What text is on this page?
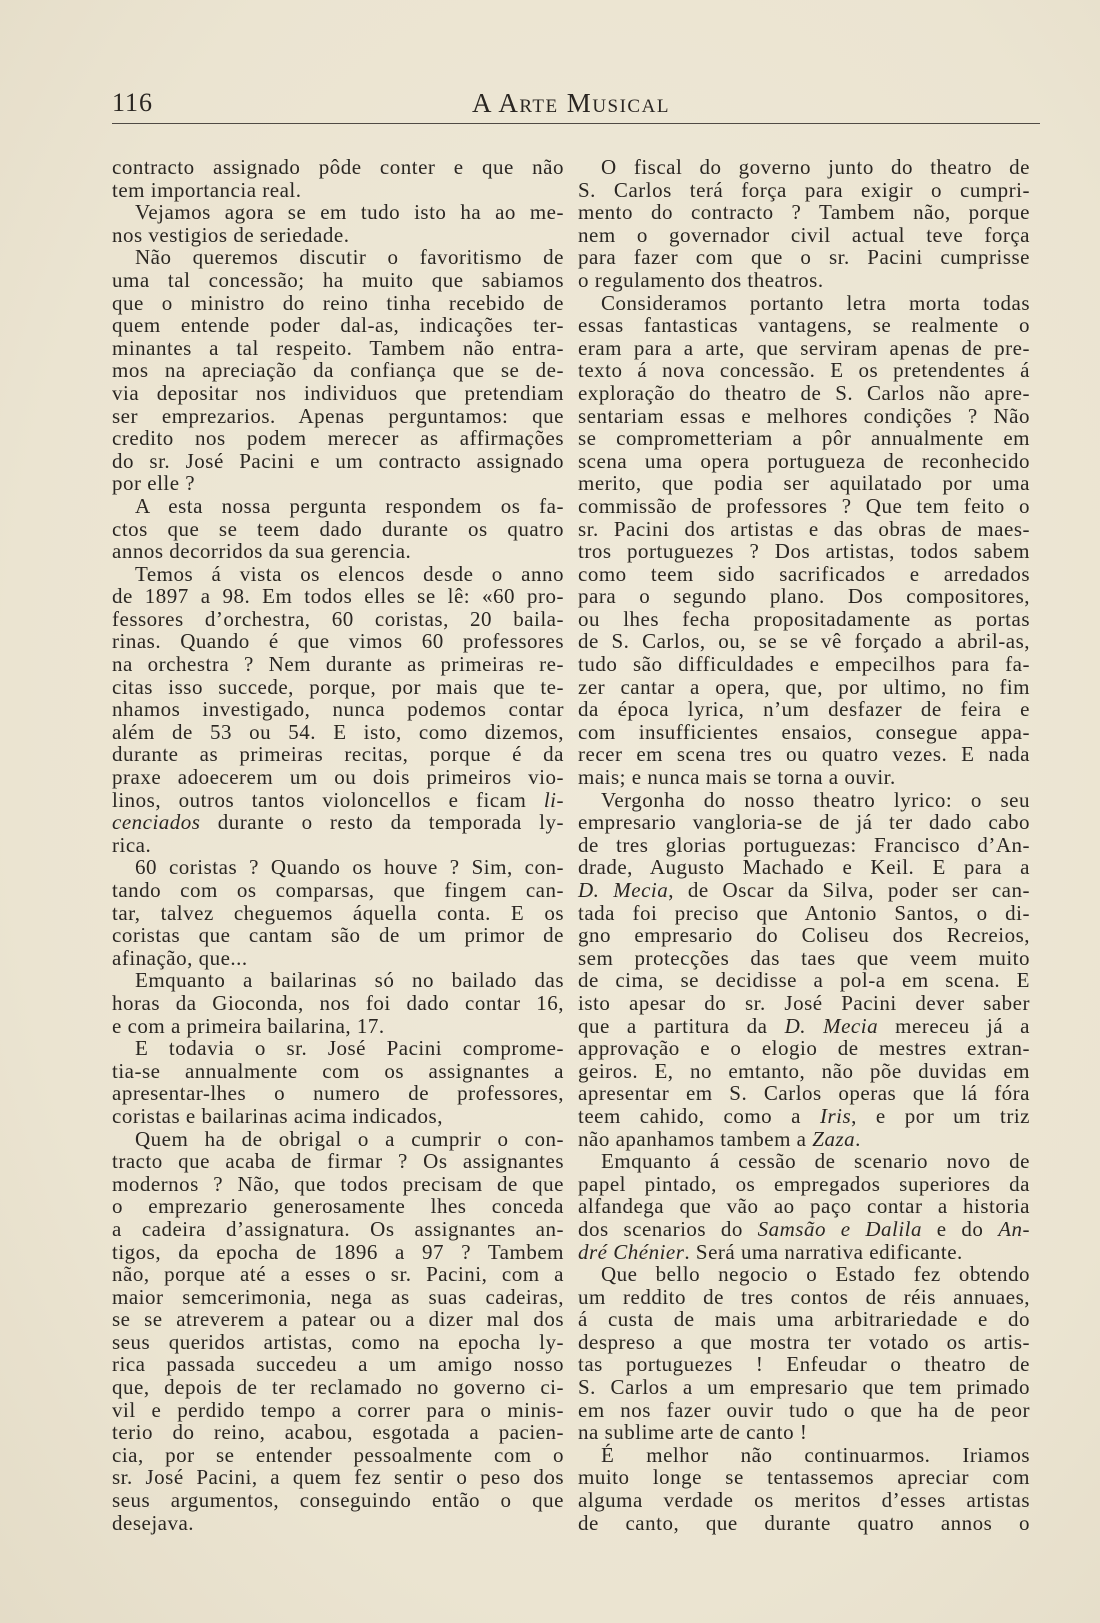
116	A Arte Musical
contracto assignado pôde conter e que não
tem importancia real.
Vejamos agora se em tudo isto ha ao me-
nos vestigios de seriedade.
Não queremos discutir o favoritismo de
uma tal concessão; ha muito que sabiamos
que o ministro do reino tinha recebido de
quem entende poder dal-as, indicações ter-
minantes a tal respeito. Tambem não entra-
mos na apreciação da confiança que se de-
via depositar nos individuos que pretendiam
ser emprezarios. Apenas perguntamos: que
credito nos podem merecer as affirmações
do sr. José Pacini e um contracto assignado
por elle ?
A esta nossa pergunta respondem os fa-
ctos que se teem dado durante os quatro
annos decorridos da sua gerencia.
Temos á vista os elencos desde o anno
de 1897 a 98. Em todos elles se lê: «60 pro-
fessores d’orchestra, 60 coristas, 20 baila-
rinas. Quando é que vimos 60 professores
na orchestra ? Nem durante as primeiras re-
citas isso succede, porque, por mais que te-
nhamos investigado, nunca podemos contar
além de 53 ou 54. E isto, como dizemos,
durante as primeiras recitas, porque é da
praxe adoecerem um ou dois primeiros vio-
linos, outros tantos violoncellos e ficam li-
cenciados durante o resto da temporada ly-
rica.
60 coristas ? Quando os houve ? Sim, con-
tando com os comparsas, que fingem can-
tar, talvez cheguemos áquella conta. E os
coristas que cantam são de um primor de
afinação, que...
Emquanto a bailarinas só no bailado das
horas da Gioconda, nos foi dado contar 16,
e com a primeira bailarina, 17.
E todavia o sr. José Pacini comprome-
tia-se annualmente com os assignantes a
apresentar-lhes o numero de professores,
coristas e bailarinas acima indicados,
Quem ha de obrigal o a cumprir o con-
tracto que acaba de firmar ? Os assignantes
modernos ? Não, que todos precisam de que
o emprezario generosamente lhes conceda
a cadeira d’assignatura. Os assignantes an-
tigos, da epocha de 1896 a 97 ? Tambem
não, porque até a esses o sr. Pacini, com a
maior semcerimonia, nega as suas cadeiras,
se se atreverem a patear ou a dizer mal dos
seus queridos artistas, como na epocha ly-
rica passada succedeu a um amigo nosso
que, depois de ter reclamado no governo ci-
vil e perdido tempo a correr para o minis-
terio do reino, acabou, esgotada a pacien-
cia, por se entender pessoalmente com o
sr. José Pacini, a quem fez sentir o peso dos
seus argumentos, conseguindo então o que
desejava.
O fiscal do governo junto do theatro de
S. Carlos terá força para exigir o cumpri-
mento do contracto ? Tambem não, porque
nem o governador civil actual teve força
para fazer com que o sr. Pacini cumprisse
o regulamento dos theatros.
Consideramos portanto letra morta todas
essas fantasticas vantagens, se realmente o
eram para a arte, que serviram apenas de pre-
texto á nova concessão. E os pretendentes á
exploração do theatro de S. Carlos não apre-
sentariam essas e melhores condições ? Não
se comprometteriam a pôr annualmente em
scena uma opera portugueza de reconhecido
merito, que podia ser aquilatado por uma
commissão de professores ? Que tem feito o
sr. Pacini dos artistas e das obras de maes-
tros portuguezes ? Dos artistas, todos sabem
como teem sido sacrificados e arredados
para o segundo plano. Dos compositores,
ou lhes fecha propositadamente as portas
de S. Carlos, ou, se se vê forçado a abril-as,
tudo são difficuldades e empecilhos para fa-
zer cantar a opera, que, por ultimo, no fim
da época lyrica, n’um desfazer de feira e
com insufficientes ensaios, consegue appa-
recer em scena tres ou quatro vezes. E nada
mais; e nunca mais se torna a ouvir.
Vergonha do nosso theatro lyrico: o seu
empresario vangloria-se de já ter dado cabo
de tres glorias portuguezas: Francisco d’An-
drade, Augusto Machado e Keil. E para a
D. Mecia, de Oscar da Silva, poder ser can-
tada foi preciso que Antonio Santos, o di-
gno empresario do Coliseu dos Recreios,
sem protecções das taes que veem muito
de cima, se decidisse a pol-a em scena. E
isto apesar do sr. José Pacini dever saber
que a partitura da D. Mecia mereceu já a
approvação e o elogio de mestres extran-
geiros. E, no emtanto, não põe duvidas em
apresentar em S. Carlos operas que lá fóra
teem cahido, como a Iris, e por um triz
não apanhamos tambem a Zaza.
Emquanto á cessão de scenario novo de
papel pintado, os empregados superiores da
alfandega que vão ao paço contar a historia
dos scenarios do Samsão e Dalila e do An-
dré Chénier. Será uma narrativa edificante.
Que bello negocio o Estado fez obtendo
um reddito de tres contos de réis annuaes,
á custa de mais uma arbitrariedade e do
despreso a que mostra ter votado os artis-
tas portuguezes ! Enfeudar o theatro de
S. Carlos a um empresario que tem primado
em nos fazer ouvir tudo o que ha de peor
na sublime arte de canto !
É melhor não continuarmos. Iriamos
muito longe se tentassemos apreciar com
alguma verdade os meritos d’esses artistas
de canto, que durante quatro annos o
